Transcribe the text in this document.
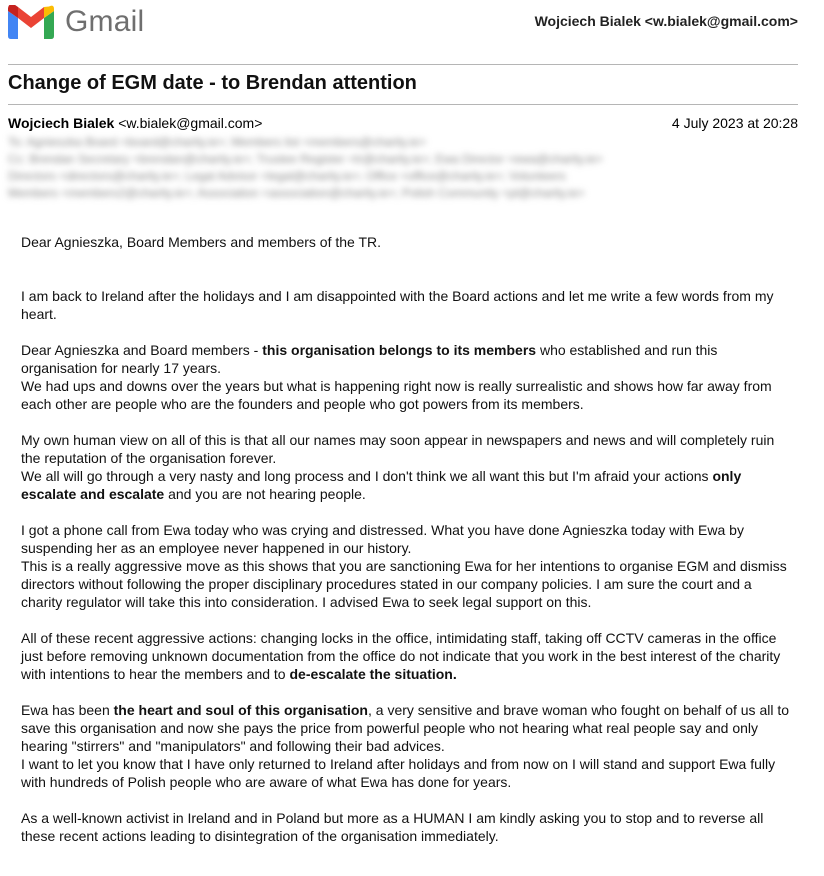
Gmail	Wojciech Bialek <w.bialek@gmail.com>
Change of EGM date - to Brendan attention
Wojciech Bialek <w.bialek@gmail.com>	4 July 2023 at 20:28
To: Agnieszka Board <board@charity.ie>; Members list <members@charity.ie>
Cc: Brendan Secretary <brendan@charity.ie>; Trustee Register <tr@charity.ie>; Ewa Director <ewa@charity.ie>
Directors <directors@charity.ie>; Legal Advisor <legal@charity.ie>; Office <office@charity.ie>; Volunteers
Members <members2@charity.ie>; Association <association@charity.ie>; Polish Community <pl@charity.ie>

Dear Agnieszka, Board Members and members of the TR.

I am back to Ireland after the holidays and I am disappointed with the Board actions and let me write a few words from my heart.

Dear Agnieszka and Board members - this organisation belongs to its members who established and run this organisation for nearly 17 years.

We had ups and downs over the years but what is happening right now is really surrealistic and shows how far away from each other are people who are the founders and people who got powers from its members.

My own human view on all of this is that all our names may soon appear in newspapers and news and will completely ruin the reputation of the organisation forever.

We all will go through a very nasty and long process and I don't think we all want this but I'm afraid your actions only escalate and escalate and you are not hearing people.

I got a phone call from Ewa today who was crying and distressed. What you have done Agnieszka today with Ewa by suspending her as an employee never happened in our history.

This is a really aggressive move as this shows that you are sanctioning Ewa for her intentions to organise EGM and dismiss directors without following the proper disciplinary procedures stated in our company policies. I am sure the court and a charity regulator will take this into consideration. I advised Ewa to seek legal support on this.

All of these recent aggressive actions: changing locks in the office, intimidating staff, taking off CCTV cameras in the office just before removing unknown documentation from the office do not indicate that you work in the best interest of the charity with intentions to hear the members and to de-escalate the situation.

Ewa has been the heart and soul of this organisation, a very sensitive and brave woman who fought on behalf of us all to save this organisation and now she pays the price from powerful people who not hearing what real people say and only hearing "stirrers" and "manipulators" and following their bad advices.

I want to let you know that I have only returned to Ireland after holidays and from now on I will stand and support Ewa fully with hundreds of Polish people who are aware of what Ewa has done for years.

As a well-known activist in Ireland and in Poland but more as a HUMAN I am kindly asking you to stop and to reverse all these recent actions leading to disintegration of the organisation immediately.
